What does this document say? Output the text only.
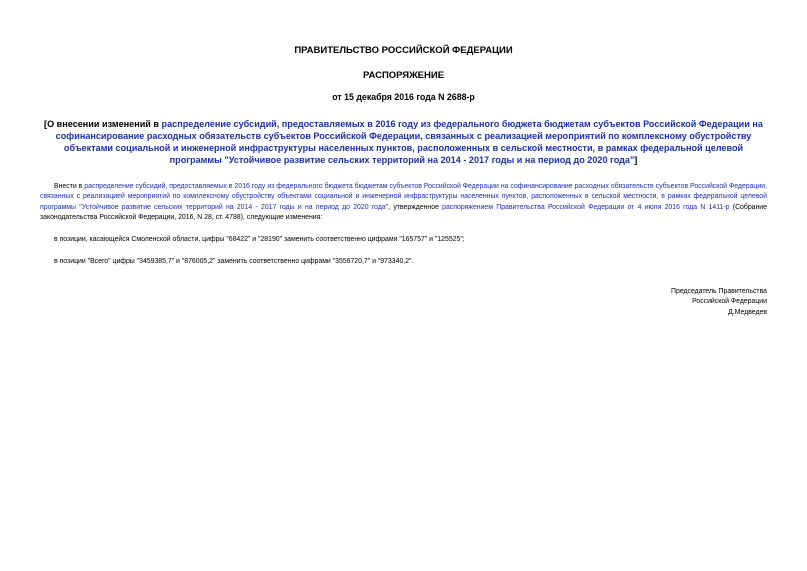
ПРАВИТЕЛЬСТВО РОССИЙСКОЙ ФЕДЕРАЦИИ
РАСПОРЯЖЕНИЕ
от 15 декабря 2016 года N 2688-р
[О внесении изменений в распределение субсидий, предоставляемых в 2016 году из федерального бюджета бюджетам субъектов Российской Федерации на софинансирование расходных обязательств субъектов Российской Федерации, связанных с реализацией мероприятий по комплексному обустройству объектами социальной и инженерной инфраструктуры населенных пунктов, расположенных в сельской местности, в рамках федеральной целевой программы "Устойчивое развитие сельских территорий на 2014 - 2017 годы и на период до 2020 года"]
Внести в распределение субсидий, предоставляемых в 2016 году из федерального бюджета бюджетам субъектов Российской Федерации на софинансирование расходных обязательств субъектов Российской Федерации, связанных с реализацией мероприятий по комплексному обустройству объектами социальной и инженерной инфраструктуры населенных пунктов, расположенных в сельской местности, в рамках федеральной целевой программы "Устойчивое развитие сельских территорий на 2014 - 2017 годы и на период до 2020 года", утвержденное распоряжением Правительства Российской Федерации от 4 июля 2016 года N 1411-р (Собрание законодательства Российской Федерации, 2016, N 28, ст. 4788), следующие изменения:
в позиции, касающейся Смоленской области, цифры "68422" и "28190" заменить соответственно цифрами "165757" и "125525";
в позиции "Всего" цифры "3459385,7" и "876005,2" заменить соответственно цифрами "3556720,7" и "973340,2".
Председатель Правительства
Российской Федерации
Д.Медведев
